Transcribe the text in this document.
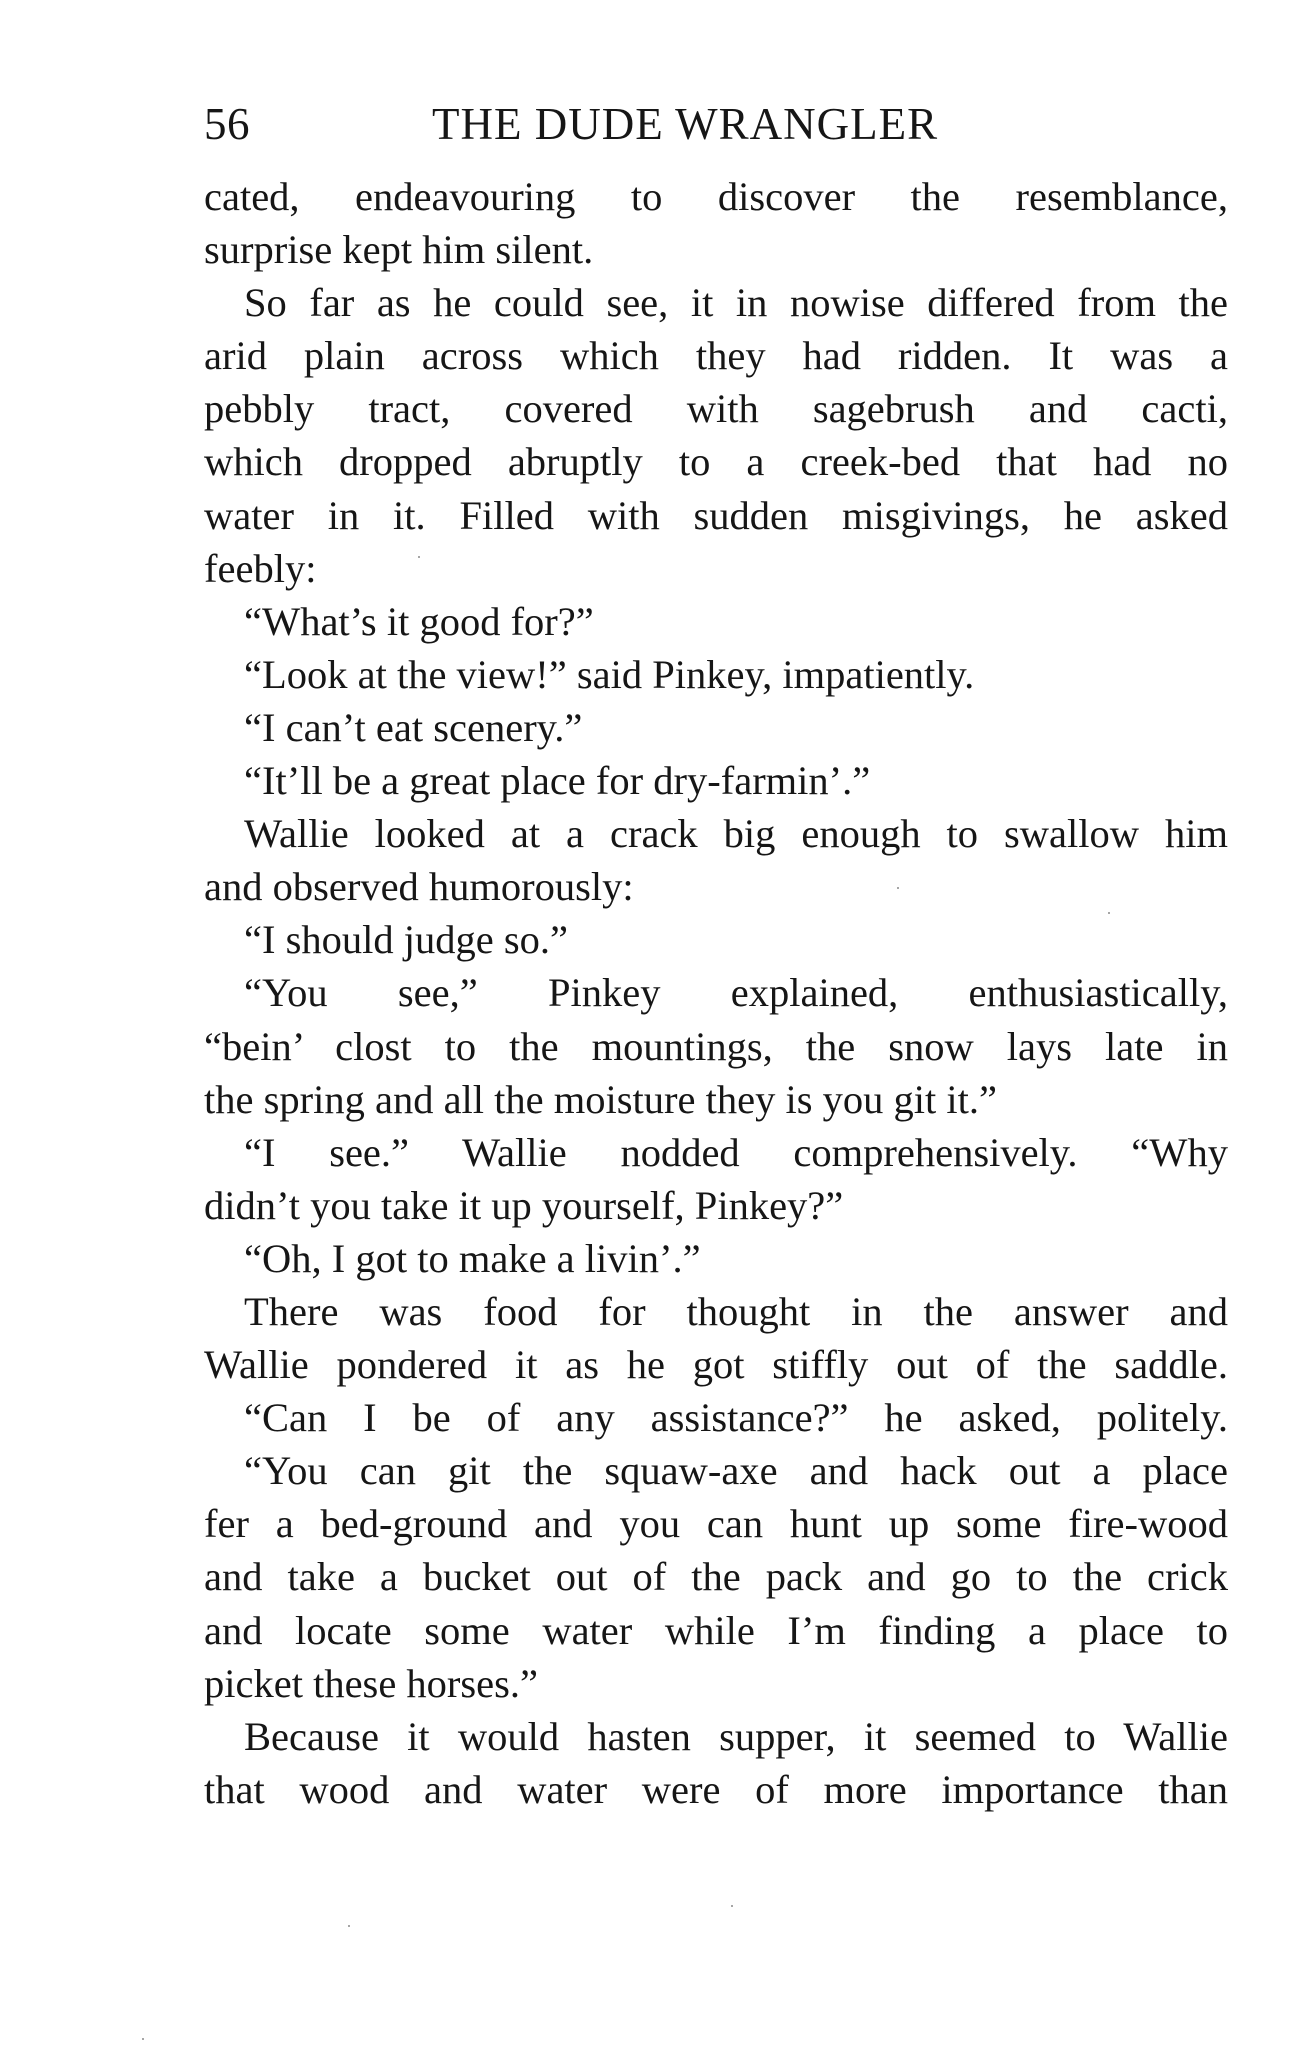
56	THE DUDE WRANGLER
cated, endeavouring to discover the resemblance,
surprise kept him silent.
So far as he could see, it in nowise differed from the
arid plain across which they had ridden. It was a
pebbly tract, covered with sagebrush and cacti,
which dropped abruptly to a creek-bed that had no
water in it. Filled with sudden misgivings, he asked
feebly:
“What’s it good for?”
“Look at the view!” said Pinkey, impatiently.
“I can’t eat scenery.”
“It’ll be a great place for dry-farmin’.”
Wallie looked at a crack big enough to swallow him
and observed humorously:
“I should judge so.”
“You see,” Pinkey explained, enthusiastically,
“bein’ clost to the mountings, the snow lays late in
the spring and all the moisture they is you git it.”
“I see.” Wallie nodded comprehensively. “Why
didn’t you take it up yourself, Pinkey?”
“Oh, I got to make a livin’.”
There was food for thought in the answer and
Wallie pondered it as he got stiffly out of the saddle.
“Can I be of any assistance?” he asked, politely.
“You can git the squaw-axe and hack out a place
fer a bed-ground and you can hunt up some fire-wood
and take a bucket out of the pack and go to the crick
and locate some water while I’m finding a place to
picket these horses.”
Because it would hasten supper, it seemed to Wallie
that wood and water were of more importance than
